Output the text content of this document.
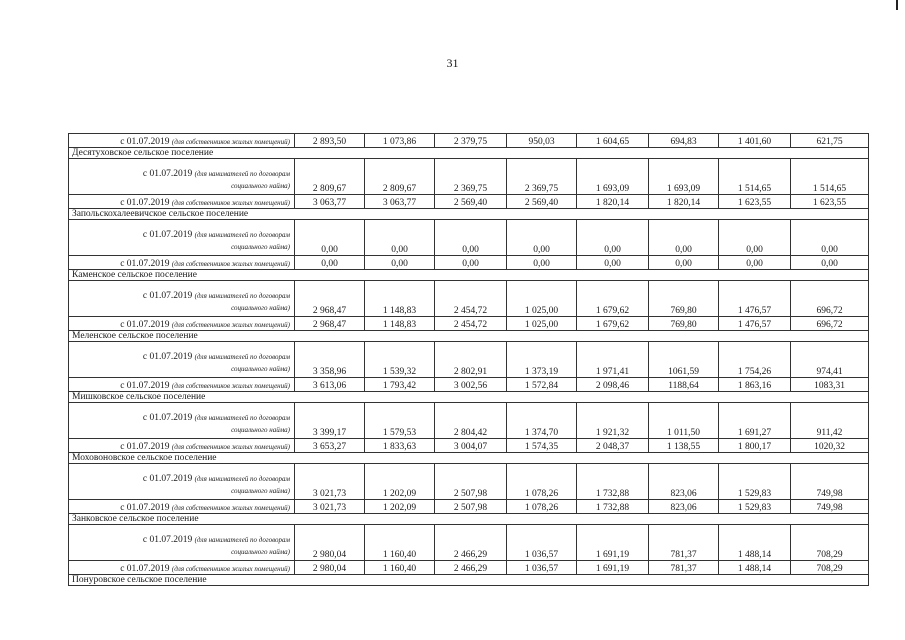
31
с 01.07.2019 (для собственников жилых помещений)	2 893,50	1 073,86	2 379,75	950,03	1 604,65	694,83	1 401,60	621,75
Десятуховское сельское поселение								
с 01.07.2019 (для нанимателей по договорам
социального найма)	2 809,67	2 809,67	2 369,75	2 369,75	1 693,09	1 693,09	1 514,65	1 514,65
с 01.07.2019 (для собственников жилых помещений)	3 063,77	3 063,77	2 569,40	2 569,40	1 820,14	1 820,14	1 623,55	1 623,55
Запольскохалеевичское сельское поселение								
с 01.07.2019 (для нанимателей по договорам
социального найма)	0,00	0,00	0,00	0,00	0,00	0,00	0,00	0,00
с 01.07.2019 (для собственников жилых помещений)	0,00	0,00	0,00	0,00	0,00	0,00	0,00	0,00
Каменское сельское поселение								
с 01.07.2019 (для нанимателей по договорам
социального найма)	2 968,47	1 148,83	2 454,72	1 025,00	1 679,62	769,80	1 476,57	696,72
с 01.07.2019 (для собственников жилых помещений)	2 968,47	1 148,83	2 454,72	1 025,00	1 679,62	769,80	1 476,57	696,72
Меленское сельское поселение								
с 01.07.2019 (для нанимателей по договорам
социального найма)	3 358,96	1 539,32	2 802,91	1 373,19	1 971,41	1061,59	1 754,26	974,41
с 01.07.2019 (для собственников жилых помещений)	3 613,06	1 793,42	3 002,56	1 572,84	2 098,46	1188,64	1 863,16	1083,31
Мишковское сельское поселение								
с 01.07.2019 (для нанимателей по договорам
социального найма)	3 399,17	1 579,53	2 804,42	1 374,70	1 921,32	1 011,50	1 691,27	911,42
с 01.07.2019 (для собственников жилых помещений)	3 653,27	1 833,63	3 004,07	1 574,35	2 048,37	1 138,55	1 800,17	1020,32
Моховоновское сельское поселение								
с 01.07.2019 (для нанимателей по договорам
социального найма)	3 021,73	1 202,09	2 507,98	1 078,26	1 732,88	823,06	1 529,83	749,98
с 01.07.2019 (для собственников жилых помещений)	3 021,73	1 202,09	2 507,98	1 078,26	1 732,88	823,06	1 529,83	749,98
Занковское сельское поселение								
с 01.07.2019 (для нанимателей по договорам
социального найма)	2 980,04	1 160,40	2 466,29	1 036,57	1 691,19	781,37	1 488,14	708,29
с 01.07.2019 (для собственников жилых помещений)	2 980,04	1 160,40	2 466,29	1 036,57	1 691,19	781,37	1 488,14	708,29
Понуровское сельское поселение								
